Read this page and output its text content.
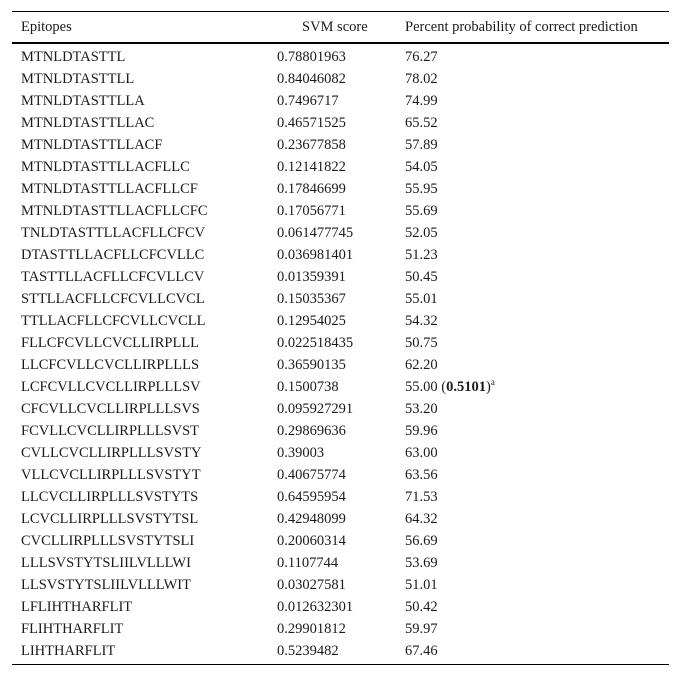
Epitopes	SVM score	Percent probability of correct prediction
MTNLDTASTTL	0.78801963	76.27
MTNLDTASTTLL	0.84046082	78.02
MTNLDTASTTLLA	0.7496717	74.99
MTNLDTASTTLLAC	0.46571525	65.52
MTNLDTASTTLLACF	0.23677858	57.89
MTNLDTASTTLLACFLLC	0.12141822	54.05
MTNLDTASTTLLACFLLCF	0.17846699	55.95
MTNLDTASTTLLACFLLCFC	0.17056771	55.69
TNLDTASTTLLACFLLCFCV	0.061477745	52.05
DTASTTLLACFLLCFCVLLC	0.036981401	51.23
TASTTLLACFLLCFCVLLCV	0.01359391	50.45
STTLLACFLLCFCVLLCVCL	0.15035367	55.01
TTLLACFLLCFCVLLCVCLL	0.12954025	54.32
FLLCFCVLLCVCLLIRPLLL	0.022518435	50.75
LLCFCVLLCVCLLIRPLLLS	0.36590135	62.20
LCFCVLLCVCLLIRPLLLSV	0.1500738	55.00 $(0.5101)^a$
CFCVLLCVCLLIRPLLLSVS	0.095927291	53.20
FCVLLCVCLLIRPLLLSVST	0.29869636	59.96
CVLLCVCLLIRPLLLSVSTY	0.39003	63.00
VLLCVCLLIRPLLLSVSTYT	0.40675774	63.56
LLCVCLLIRPLLLSVSTYTS	0.64595954	71.53
LCVCLLIRPLLLSVSTYTSL	0.42948099	64.32
CVCLLIRPLLLSVSTYTSLI	0.20060314	56.69
LLLSVSTYTSLIILVLLLWI	0.1107744	53.69
LLSVSTYTSLIILVLLLWIT	0.03027581	51.01
LFLIHTHARFLIT	0.012632301	50.42
FLIHTHARFLIT	0.29901812	59.97
LIHTHARFLIT	0.5239482	67.46
